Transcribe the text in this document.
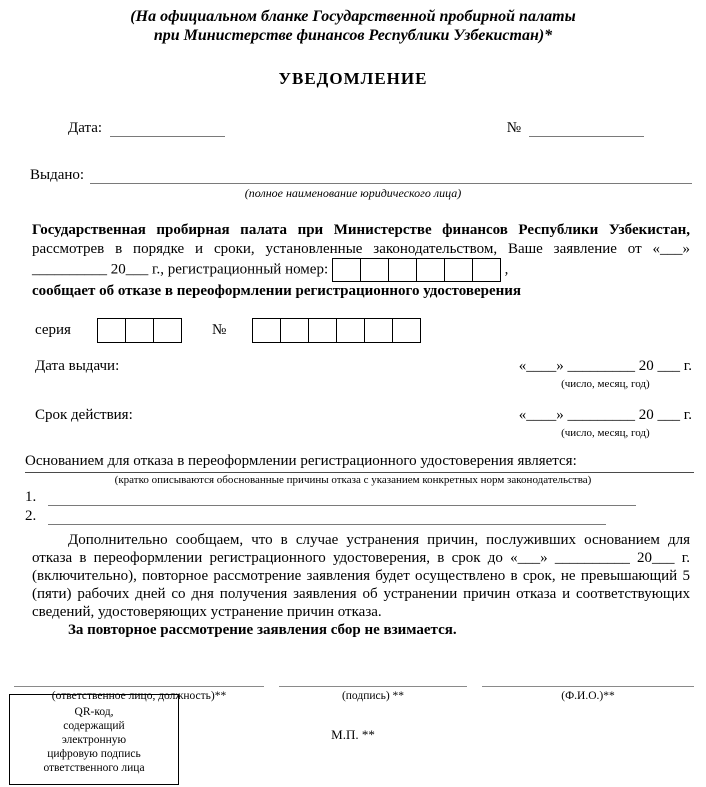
(На официальном бланке Государственной пробирной палаты
при Министерстве финансов Республики Узбекистан)*
УВЕДОМЛЕНИЕ
Дата:	№
Выдано:
(полное наименование юридического лица)

Государственная пробирная палата при Министерстве финансов Республики Узбекистан, рассмотрев в порядке и сроки, установленные законодательством, Ваше заявление от «___» __________ 20___ г., регистрационный номер:	,
сообщает об отказе в переоформлении регистрационного удостоверения

серия	№
Дата выдачи:	«____» _________ 20 ___ г.
(число, месяц, год)
Срок действия:	«____» _________ 20 ___ г.
(число, месяц, год)
Основанием для отказа в переоформлении регистрационного удостоверения является:
(кратко описываются обоснованные причины отказа с указанием конкретных норм законодательства)
1.
2.

Дополнительно сообщаем, что в случае устранения причин, послуживших основанием для отказа в переоформлении регистрационного удостоверения, в срок до «___» __________ 20___ г. (включительно), повторное рассмотрение заявления будет осуществлено в срок, не превышающий 5 (пяти) рабочих дней со дня получения заявления об устранении причин отказа и соответствующих сведений, удостоверяющих устранение причин отказа.

За повторное рассмотрение заявления сбор не взимается.

(ответственное лицо, должность)**	(подпись) **	(Ф.И.О.)**
М.П. **
QR-код,
содержащий
электронную
цифровую подпись
ответственного лица
